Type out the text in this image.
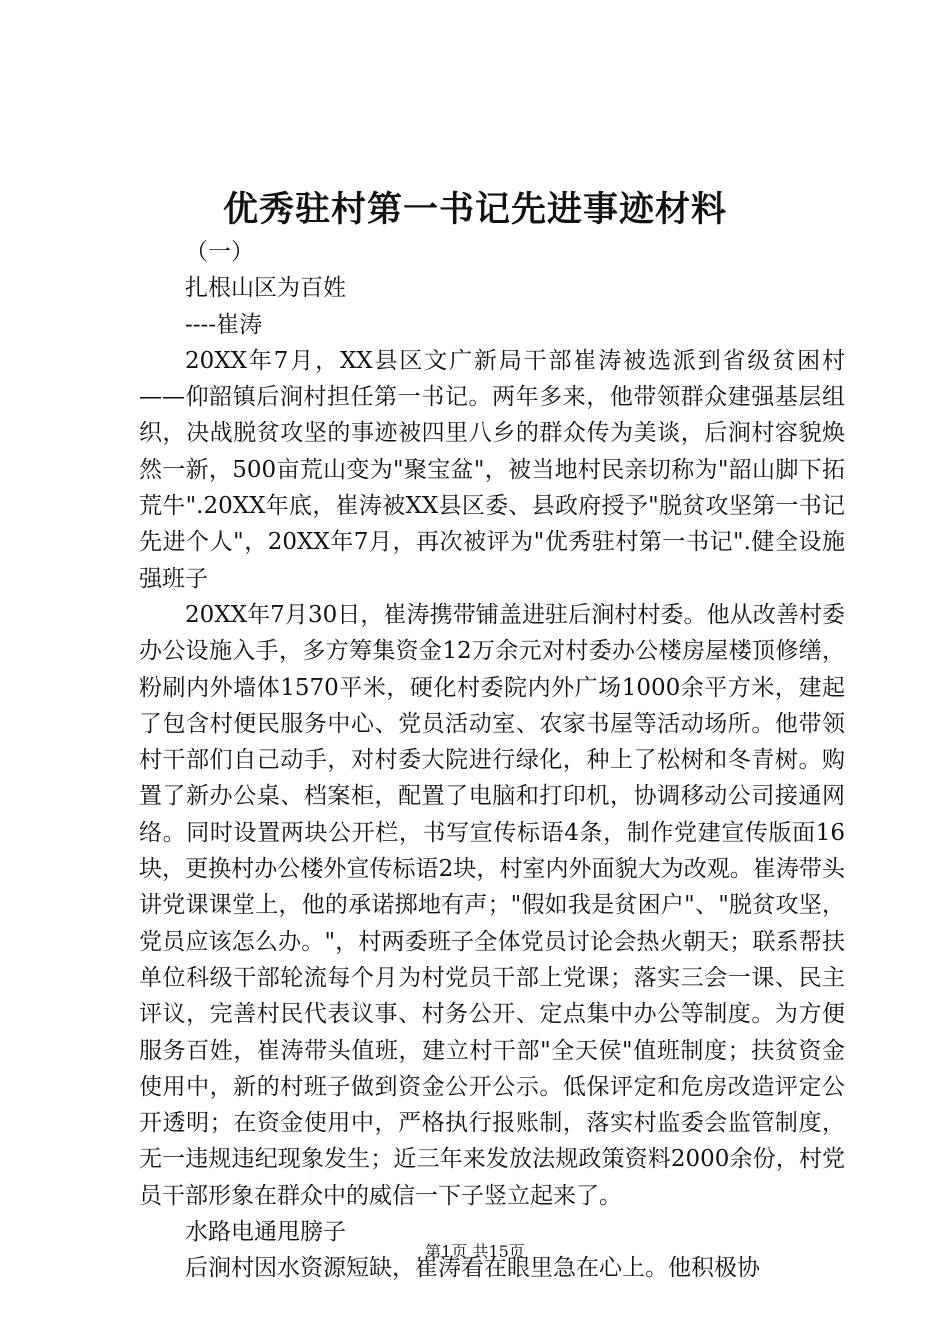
优秀驻村第一书记先进事迹材料

（一）

扎根山区为百姓

----崔涛

20XX年7月，XX县区文广新局干部崔涛被选派到省级贫困村——仰韶镇后涧村担任第一书记。两年多来，他带领群众建强基层组织，决战脱贫攻坚的事迹被四里八乡的群众传为美谈，后涧村容貌焕然一新，500亩荒山变为"聚宝盆"，被当地村民亲切称为"韶山脚下拓荒牛".20XX年底，崔涛被XX县区委、县政府授予"脱贫攻坚第一书记先进个人"，20XX年7月，再次被评为"优秀驻村第一书记".健全设施强班子

20XX年7月30日，崔涛携带铺盖进驻后涧村村委。他从改善村委办公设施入手，多方筹集资金12万余元对村委办公楼房屋楼顶修缮，粉刷内外墙体1570平米，硬化村委院内外广场1000余平方米，建起了包含村便民服务中心、党员活动室、农家书屋等活动场所。他带领村干部们自己动手，对村委大院进行绿化，种上了松树和冬青树。购置了新办公桌、档案柜，配置了电脑和打印机，协调移动公司接通网络。同时设置两块公开栏，书写宣传标语4条，制作党建宣传版面16块，更换村办公楼外宣传标语2块，村室内外面貌大为改观。崔涛带头讲党课课堂上，他的承诺掷地有声；"假如我是贫困户"、"脱贫攻坚，党员应该怎么办。"，村两委班子全体党员讨论会热火朝天；联系帮扶单位科级干部轮流每个月为村党员干部上党课；落实三会一课、民主评议，完善村民代表议事、村务公开、定点集中办公等制度。为方便服务百姓，崔涛带头值班，建立村干部"全天侯"值班制度；扶贫资金使用中，新的村班子做到资金公开公示。低保评定和危房改造评定公开透明；在资金使用中，严格执行报账制，落实村监委会监管制度，无一违规违纪现象发生；近三年来发放法规政策资料2000余份，村党员干部形象在群众中的威信一下子竖立起来了。

水路电通甩膀子

后涧村因水资源短缺，崔涛看在眼里急在心上。他积极协

第1页 共15页
